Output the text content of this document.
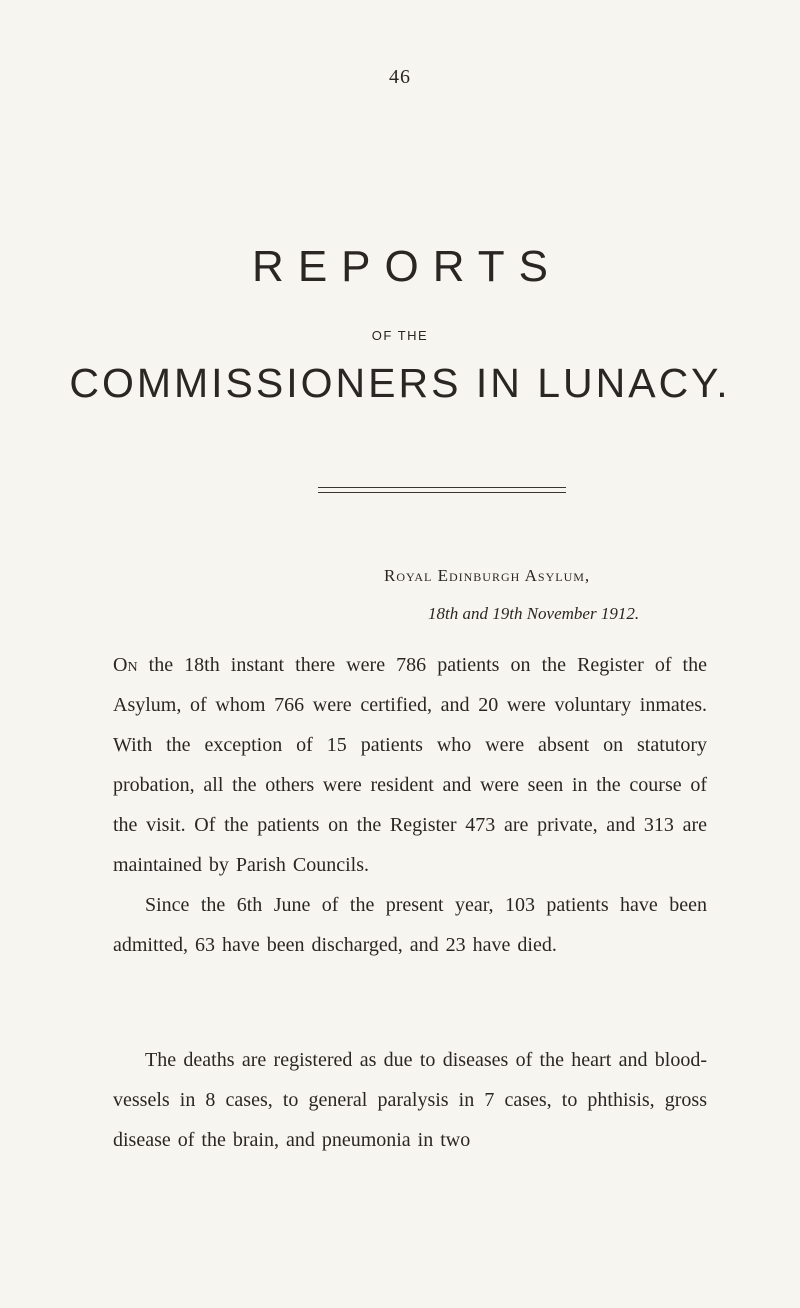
46
REPORTS
OF THE
COMMISSIONERS IN LUNACY.
Royal Edinburgh Asylum,
18th and 19th November 1912.

On the 18th instant there were 786 patients on the Register of the Asylum, of whom 766 were certified, and 20 were voluntary inmates. With the exception of 15 patients who were absent on statutory probation, all the others were resident and were seen in the course of the visit. Of the patients on the Register 473 are private, and 313 are maintained by Parish Councils.

Since the 6th June of the present year, 103 patients have been admitted, 63 have been discharged, and 23 have died.

The deaths are registered as due to diseases of the heart and blood-vessels in 8 cases, to general paralysis in 7 cases, to phthisis, gross disease of the brain, and pneumonia in two
